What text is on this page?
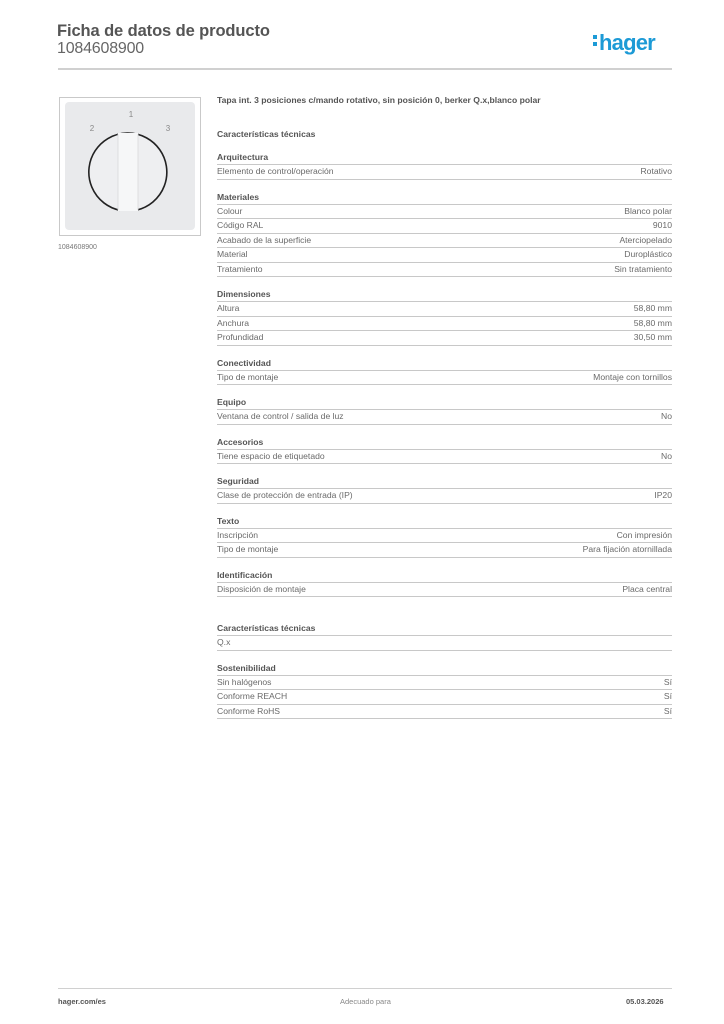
Ficha de datos de producto
1084608900	hager
1
2	3
1084608900
Tapa int. 3 posiciones c/mando rotativo, sin posición 0, berker Q.x,blanco polar
Características técnicas
Arquitectura
Elemento de control/operación	Rotativo
Materiales
Colour	Blanco polar
Código RAL	9010
Acabado de la superficie	Aterciopelado
Material	Duroplástico
Tratamiento	Sin tratamiento
Dimensiones
Altura	58,80 mm
Anchura	58,80 mm
Profundidad	30,50 mm
Conectividad
Tipo de montaje	Montaje con tornillos
Equipo
Ventana de control / salida de luz	No
Accesorios
Tiene espacio de etiquetado	No
Seguridad
Clase de protección de entrada (IP)	IP20
Texto
Inscripción	Con impresión
Tipo de montaje	Para fijación atornillada
Identificación
Disposición de montaje	Placa central
Características técnicas
Q.x
Sostenibilidad
Sin halógenos	Sí
Conforme REACH	Sí
Conforme RoHS	Sí
hager.com/es	Adecuado para	05.03.2026
